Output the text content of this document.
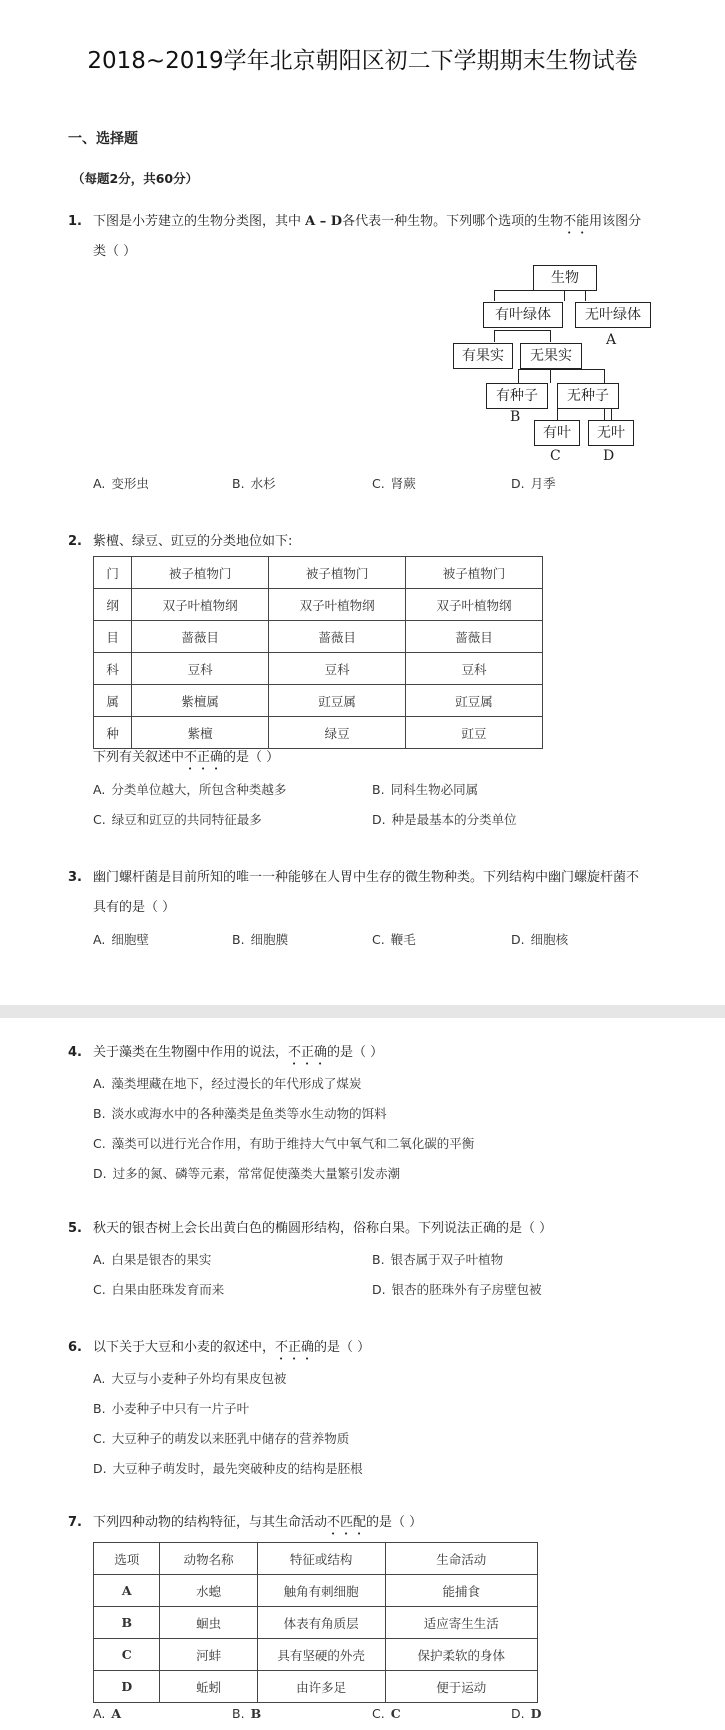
2018~2019学年北京朝阳区初二下学期期末生物试卷
一、选择题
（每题2分，共60分）
1. 下图是小芳建立的生物分类图，其中 A – D各代表一种生物。下列哪个选项的生物不能用该图分
类（ ）
生物
有叶绿体	无叶绿体
A
有果实	无果实
有种子	无种子
B
有叶	无叶
C	D
A. 变形虫	B. 水杉	C. 肾蕨	D. 月季
2. 紫檀、绿豆、豇豆的分类地位如下:
门	被子植物门	被子植物门	被子植物门
纲	双子叶植物纲	双子叶植物纲	双子叶植物纲
目	蔷薇目	蔷薇目	蔷薇目
科	豆科	豆科	豆科
属	紫檀属	豇豆属	豇豆属
种	紫檀	绿豆	豇豆
下列有关叙述中不正确的是（ ）
A. 分类单位越大，所包含种类越多	B. 同科生物必同属
C. 绿豆和豇豆的共同特征最多	D. 种是最基本的分类单位
3. 幽门螺杆菌是目前所知的唯一一种能够在人胃中生存的微生物种类。下列结构中幽门螺旋杆菌不
具有的是（ ）
A. 细胞壁	B. 细胞膜	C. 鞭毛	D. 细胞核
4. 关于藻类在生物圈中作用的说法，不正确的是（ ）
A. 藻类埋藏在地下，经过漫长的年代形成了煤炭
B. 淡水或海水中的各种藻类是鱼类等水生动物的饵料
C. 藻类可以进行光合作用，有助于维持大气中氧气和二氧化碳的平衡
D. 过多的氮、磷等元素，常常促使藻类大量繁引发赤潮
5. 秋天的银杏树上会长出黄白色的椭圆形结构，俗称白果。下列说法正确的是（ ）
A. 白果是银杏的果实	B. 银杏属于双子叶植物
C. 白果由胚珠发育而来	D. 银杏的胚珠外有子房壁包被
6. 以下关于大豆和小麦的叙述中，不正确的是（ ）
A. 大豆与小麦种子外均有果皮包被
B. 小麦种子中只有一片子叶
C. 大豆种子的萌发以来胚乳中储存的营养物质
D. 大豆种子萌发时，最先突破种皮的结构是胚根
7. 下列四种动物的结构特征，与其生命活动不匹配的是（ ）
选项	动物名称	特征或结构	生命活动
A	水螅	触角有刺细胞	能捕食
B	蛔虫	体表有角质层	适应寄生生活
C	河蚌	具有坚硬的外壳	保护柔软的身体
D	蚯蚓	由许多足	便于运动
A. A	B. B	C. C	D. D
